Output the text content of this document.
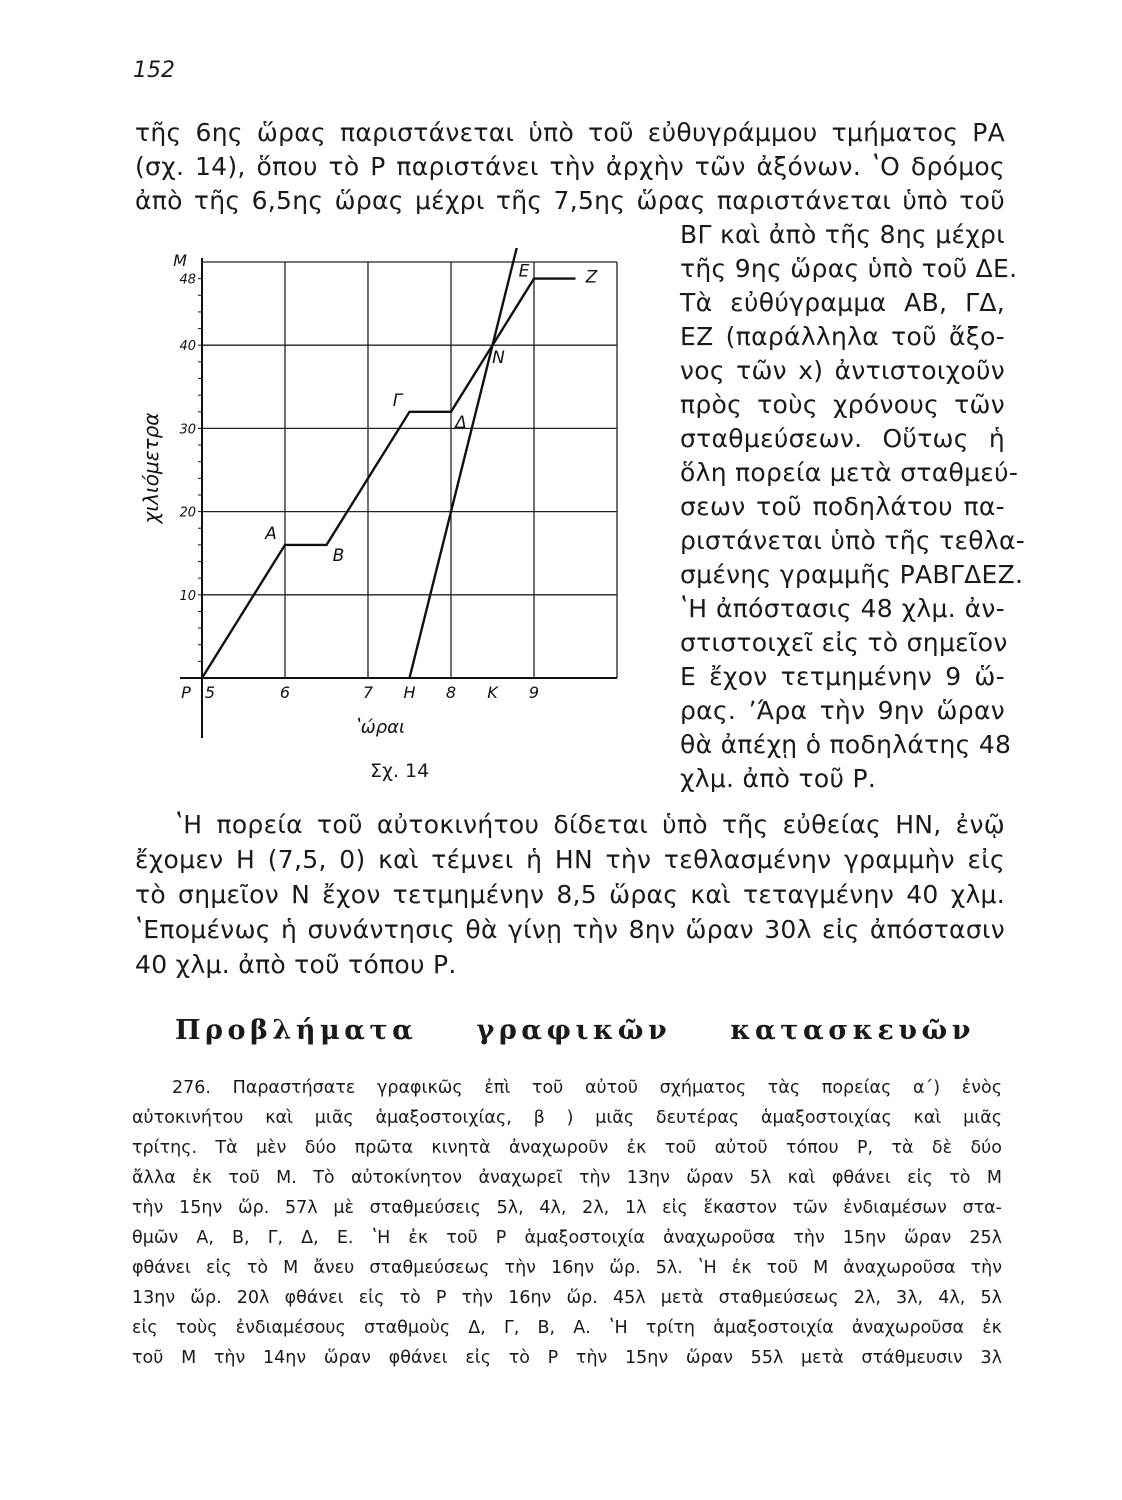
152
τῆς 6ης ὥρας παριστάνεται ὑπὸ τοῦ εὐθυγράμμου τμήματος ΡΑ
(σχ. 14), ὅπου τὸ Ρ παριστάνει τὴν ἀρχὴν τῶν ἀξόνων. ʽΟ δρόμος
ἀπὸ τῆς 6,5ης ὥρας μέχρι τῆς 7,5ης ὥρας παριστάνεται ὑπὸ τοῦ
ΒΓ καὶ ἀπὸ τῆς 8ης μέχρι
τῆς 9ης ὥρας ὑπὸ τοῦ ΔΕ.
Τὰ εὐθύγραμμα ΑΒ, ΓΔ,
ΕΖ (παράλληλα τοῦ ἄξο-
νος τῶν x) ἀντιστοιχοῦν
πρὸς τοὺς χρόνους τῶν
σταθμεύσεων. Οὕτως ἡ
ὅλη πορεία μετὰ σταθμεύ-
σεων τοῦ ποδηλάτου πα-
ριστάνεται ὑπὸ τῆς τεθλα-
σμένης γραμμῆς ΡΑΒΓΔΕΖ.
ʽΗ ἀπόστασις 48 χλμ. ἀν-
στιστοιχεῖ εἰς τὸ σημεῖον
Ε ἔχον τετμημένην 9 ὥ-
ρας. ʼΆρα τὴν 9ην ὥραν
θὰ ἀπέχῃ ὁ ποδηλάτης 48
χλμ. ἀπὸ τοῦ Ρ.
Α
Β
Γ
Δ
Ε	Ζ
Ν
5	6	7 Η 8 Κ 9
Ρ
10
20
30
40
48
Μ
ʽώραι
χιλιόμετρα
Σχ. 14
ʽΗ πορεία τοῦ αὐτοκινήτου δίδεται ὑπὸ τῆς εὐθείας ΗΝ, ἐνῷ
ἔχομεν Η (7,5, 0) καὶ τέμνει ἡ ΗΝ τὴν τεθλασμένην γραμμὴν εἰς
τὸ σημεῖον Ν ἔχον τετμημένην 8,5 ὥρας καὶ τεταγμένην 40 χλμ.
ʽΕπομένως ἡ συνάντησις θὰ γίνῃ τὴν 8ην ὥραν 30λ εἰς ἀπόστασιν
40 χλμ. ἀπὸ τοῦ τόπου Ρ.
Προβλήματα γραφικῶν κατασκευῶν
276. Παραστήσατε γραφικῶς ἐπὶ τοῦ αὐτοῦ σχήματος τὰς πορείας α΄) ἑνὸς
αὐτοκινήτου καὶ μιᾶς ἁμαξοστοιχίας, β ) μιᾶς δευτέρας ἁμαξοστοιχίας καὶ μιᾶς
τρίτης. Τὰ μὲν δύο πρῶτα κινητὰ ἀναχωροῦν ἐκ τοῦ αὐτοῦ τόπου Ρ, τὰ δὲ δύο
ἄλλα ἐκ τοῦ Μ. Τὸ αὐτοκίνητον ἀναχωρεῖ τὴν 13ην ὥραν 5λ καὶ φθάνει εἰς τὸ Μ
τὴν 15ην ὥρ. 57λ μὲ σταθμεύσεις 5λ, 4λ, 2λ, 1λ εἰς ἕκαστον τῶν ἐνδιαμέσων στα-
θμῶν Α, Β, Γ, Δ, Ε. ʽΗ ἐκ τοῦ Ρ ἁμαξοστοιχία ἀναχωροῦσα τὴν 15ην ὥραν 25λ
φθάνει εἰς τὸ Μ ἄνευ σταθμεύσεως τὴν 16ην ὥρ. 5λ. ʽΗ ἐκ τοῦ Μ ἀναχωροῦσα τὴν
13ην ὥρ. 20λ φθάνει εἰς τὸ Ρ τὴν 16ην ὥρ. 45λ μετὰ σταθμεύσεως 2λ, 3λ, 4λ, 5λ
εἰς τοὺς ἐνδιαμέσους σταθμοὺς Δ, Γ, Β, Α. ʽΗ τρίτη ἁμαξοστοιχία ἀναχωροῦσα ἐκ
τοῦ Μ τὴν 14ην ὥραν φθάνει εἰς τὸ Ρ τὴν 15ην ὥραν 55λ μετὰ στάθμευσιν 3λ
